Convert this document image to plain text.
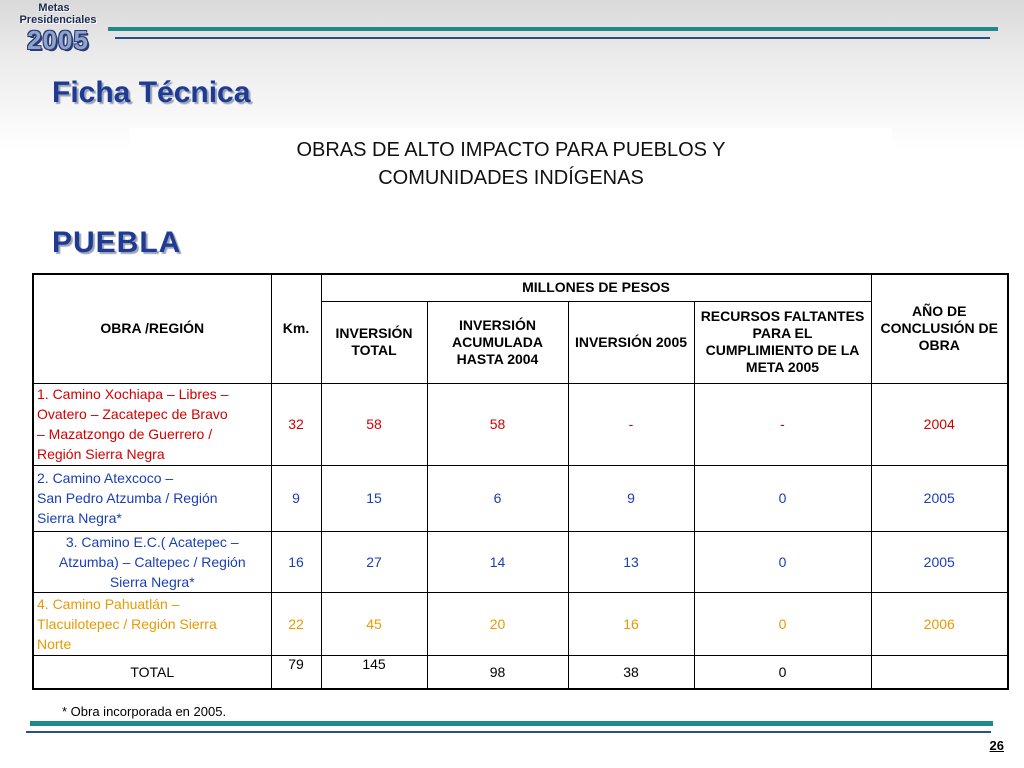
Metas
Presidenciales
2005
Ficha Técnica
OBRAS DE ALTO IMPACTO PARA PUEBLOS Y
COMUNIDADES INDÍGENAS
PUEBLA
OBRA /REGIÓN	Km.	MILLONES DE PESOS				AÑO DE CONCLUSIÓN DE OBRA
		INVERSIÓN TOTAL	INVERSIÓN ACUMULADA HASTA 2004	INVERSIÓN 2005	RECURSOS FALTANTES PARA EL CUMPLIMIENTO DE LA META 2005	

1. Camino Xochiapa – Libres –
Ovatero – Zacatepec de Bravo
– Mazatzongo de Guerrero /
Región Sierra Negra	32	58	58	-	-	2004

2. Camino Atexcoco –
San Pedro Atzumba / Región
Sierra Negra*	9	15	6	9	0	2005

3. Camino E.C.( Acatepec –
Atzumba) – Caltepec / Región
Sierra Negra*	16	27	14	13	0	2005

4. Camino Pahuatlán –
Tlacuilotepec / Región Sierra
Norte	22	45	20	16	0	2006
TOTAL	79	145	98	38	0	
* Obra incorporada en 2005.
26
